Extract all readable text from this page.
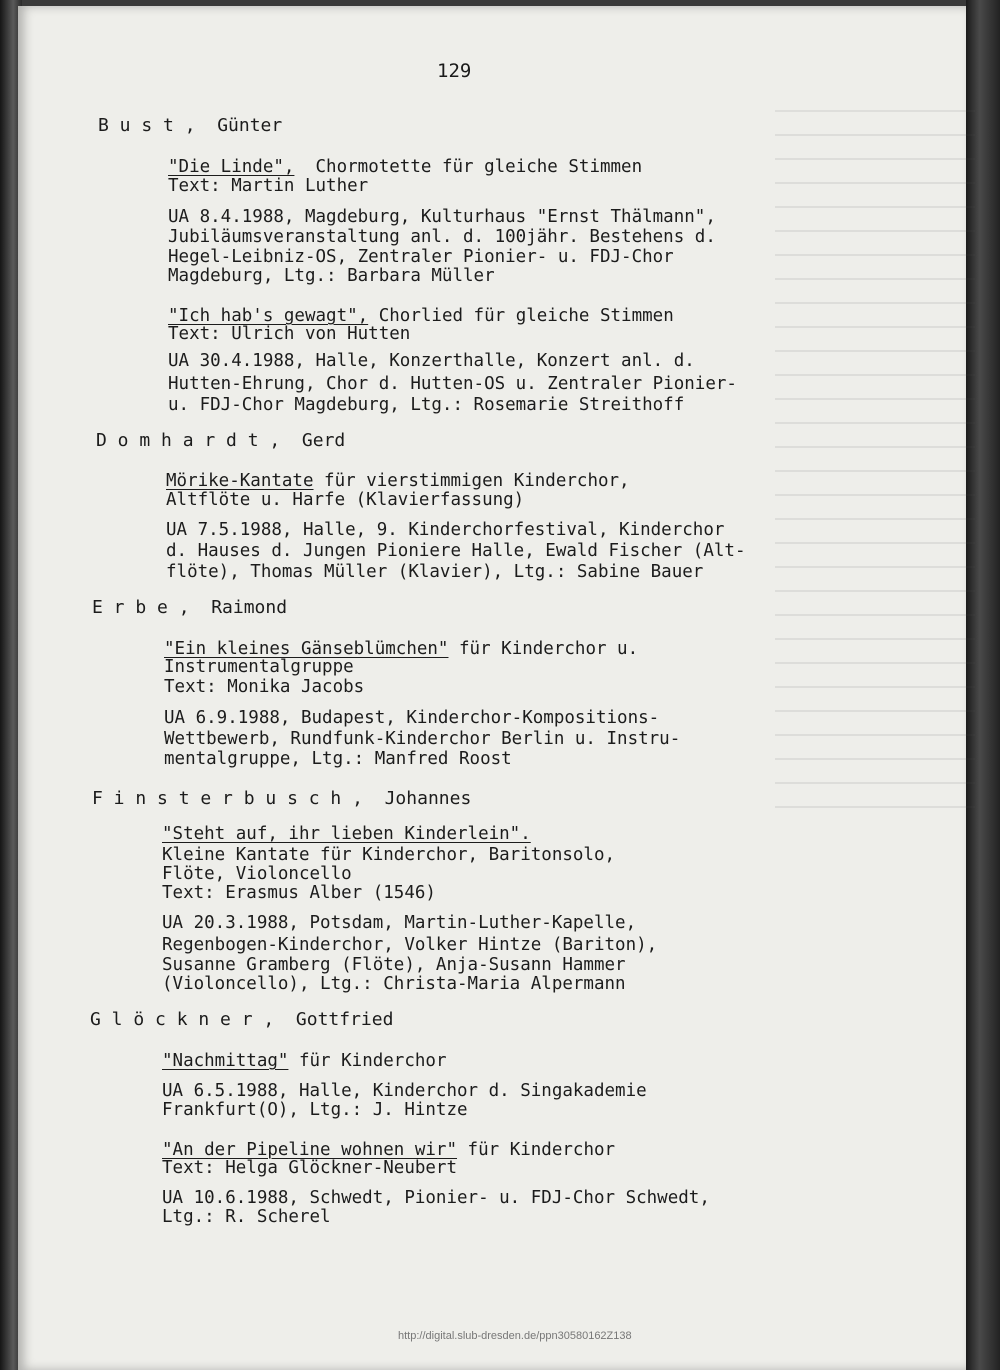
129

B u s t ,  Günter

"Die Linde",  Chormotette für gleiche Stimmen

Text: Martin Luther

UA 8.4.1988, Magdeburg, Kulturhaus "Ernst Thälmann",

Jubiläumsveranstaltung anl. d. 100jähr. Bestehens d.

Hegel-Leibniz-OS, Zentraler Pionier- u. FDJ-Chor

Magdeburg, Ltg.: Barbara Müller

"Ich hab's gewagt", Chorlied für gleiche Stimmen

Text: Ulrich von Hutten

UA 30.4.1988, Halle, Konzerthalle, Konzert anl. d.

Hutten-Ehrung, Chor d. Hutten-OS u. Zentraler Pionier-

u. FDJ-Chor Magdeburg, Ltg.: Rosemarie Streithoff

D o m h a r d t ,  Gerd

Mörike-Kantate für vierstimmigen Kinderchor,

Altflöte u. Harfe (Klavierfassung)

UA 7.5.1988, Halle, 9. Kinderchorfestival, Kinderchor

d. Hauses d. Jungen Pioniere Halle, Ewald Fischer (Alt-

flöte), Thomas Müller (Klavier), Ltg.: Sabine Bauer

E r b e ,  Raimond

"Ein kleines Gänseblümchen" für Kinderchor u.

Instrumentalgruppe

Text: Monika Jacobs

UA 6.9.1988, Budapest, Kinderchor-Kompositions-

Wettbewerb, Rundfunk-Kinderchor Berlin u. Instru-

mentalgruppe, Ltg.: Manfred Roost

F i n s t e r b u s c h ,  Johannes

"Steht auf, ihr lieben Kinderlein".

Kleine Kantate für Kinderchor, Baritonsolo,

Flöte, Violoncello

Text: Erasmus Alber (1546)

UA 20.3.1988, Potsdam, Martin-Luther-Kapelle,

Regenbogen-Kinderchor, Volker Hintze (Bariton),

Susanne Gramberg (Flöte), Anja-Susann Hammer

(Violoncello), Ltg.: Christa-Maria Alpermann

G l ö c k n e r ,  Gottfried

"Nachmittag" für Kinderchor

UA 6.5.1988, Halle, Kinderchor d. Singakademie

Frankfurt(O), Ltg.: J. Hintze

"An der Pipeline wohnen wir" für Kinderchor

Text: Helga Glöckner-Neubert

UA 10.6.1988, Schwedt, Pionier- u. FDJ-Chor Schwedt,

Ltg.: R. Scherel

http://digital.slub-dresden.de/ppn30580162Z138
